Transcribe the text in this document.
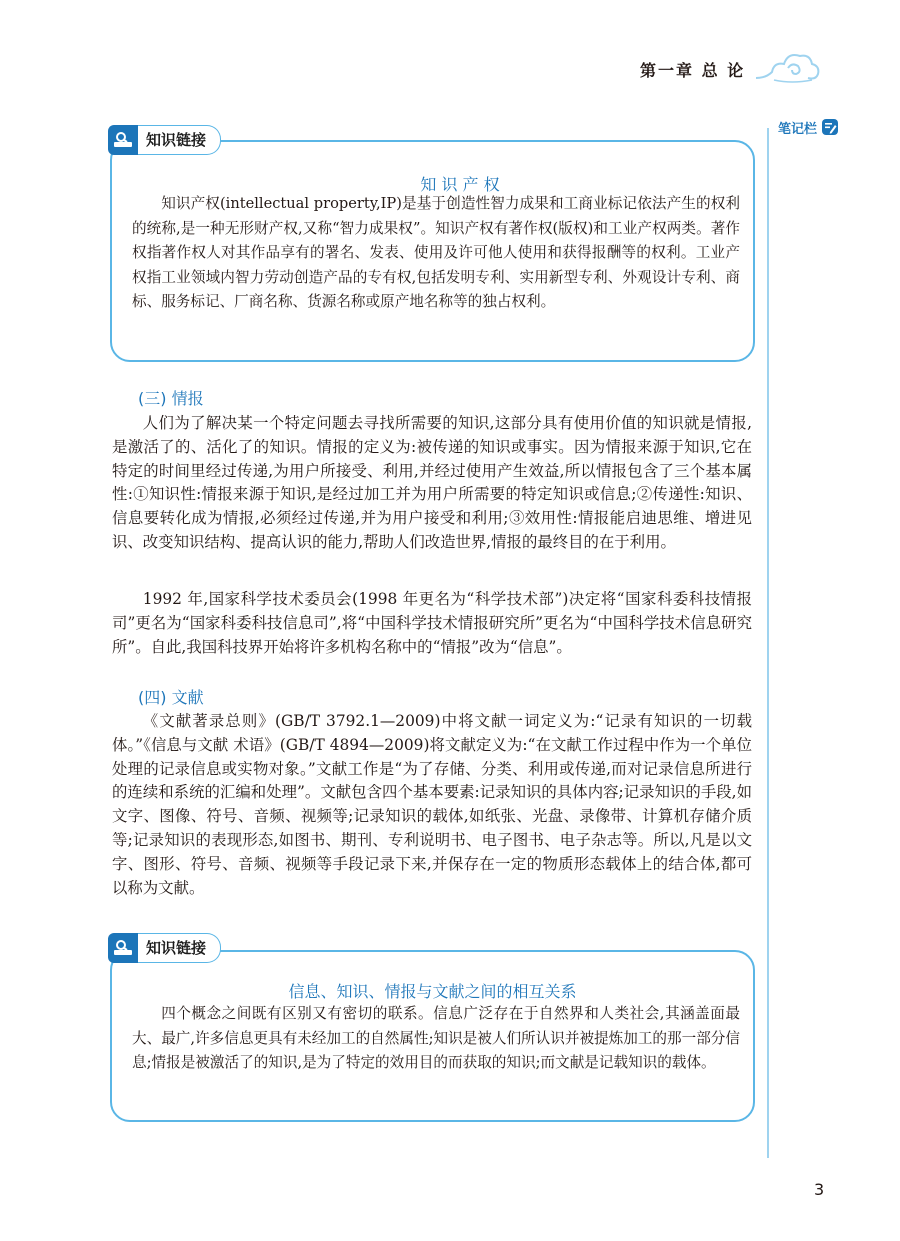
第一章 总 论
笔记栏
知识链接
知 识 产 权
知识产权(intellectual property,IP)是基于创造性智力成果和工商业标记依法产生的权利的统称,是一种无形财产权,又称“智力成果权”。知识产权有著作权(版权)和工业产权两类。著作权指著作权人对其作品享有的署名、发表、使用及许可他人使用和获得报酬等的权利。工业产权指工业领域内智力劳动创造产品的专有权,包括发明专利、实用新型专利、外观设计专利、商标、服务标记、厂商名称、货源名称或原产地名称等的独占权利。
(三) 情报
人们为了解决某一个特定问题去寻找所需要的知识,这部分具有使用价值的知识就是情报,是激活了的、活化了的知识。情报的定义为:被传递的知识或事实。因为情报来源于知识,它在特定的时间里经过传递,为用户所接受、利用,并经过使用产生效益,所以情报包含了三个基本属性:①知识性:情报来源于知识,是经过加工并为用户所需要的特定知识或信息;②传递性:知识、信息要转化成为情报,必须经过传递,并为用户接受和利用;③效用性:情报能启迪思维、增进见识、改变知识结构、提高认识的能力,帮助人们改造世界,情报的最终目的在于利用。
1992 年,国家科学技术委员会(1998 年更名为“科学技术部”)决定将“国家科委科技情报司”更名为“国家科委科技信息司”,将“中国科学技术情报研究所”更名为“中国科学技术信息研究所”。自此,我国科技界开始将许多机构名称中的“情报”改为“信息”。
(四) 文献
《文献著录总则》(GB/T 3792.1—2009)中将文献一词定义为:“记录有知识的一切载体。”《信息与文献 术语》(GB/T 4894—2009)将文献定义为:“在文献工作过程中作为一个单位处理的记录信息或实物对象。”文献工作是“为了存储、分类、利用或传递,而对记录信息所进行的连续和系统的汇编和处理”。文献包含四个基本要素:记录知识的具体内容;记录知识的手段,如文字、图像、符号、音频、视频等;记录知识的载体,如纸张、光盘、录像带、计算机存储介质等;记录知识的表现形态,如图书、期刊、专利说明书、电子图书、电子杂志等。所以,凡是以文字、图形、符号、音频、视频等手段记录下来,并保存在一定的物质形态载体上的结合体,都可以称为文献。
知识链接
信息、知识、情报与文献之间的相互关系
四个概念之间既有区别又有密切的联系。信息广泛存在于自然界和人类社会,其涵盖面最大、最广,许多信息更具有未经加工的自然属性;知识是被人们所认识并被提炼加工的那一部分信息;情报是被激活了的知识,是为了特定的效用目的而获取的知识;而文献是记载知识的载体。
3
